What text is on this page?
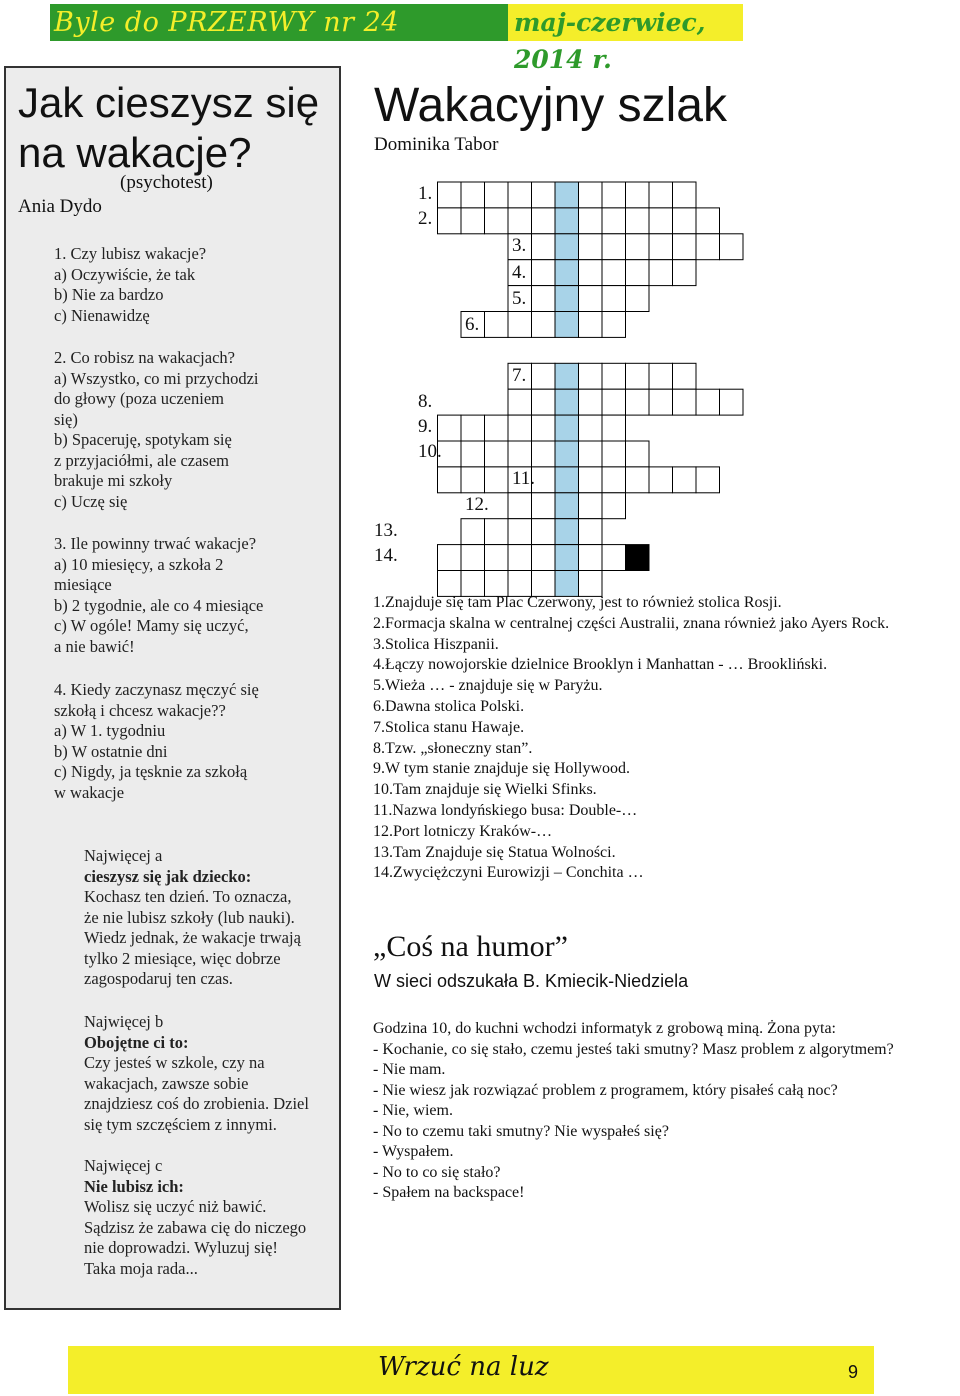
Byle do PRZERWY nr 24	maj-czerwiec, 2014 r.
Jak cieszysz się
na wakacje?
(psychotest)
Ania Dydo
1. Czy lubisz wakacje?
a) Oczywiście, że tak
b) Nie za bardzo
c) Nienawidzę
2. Co robisz na wakacjach?
a) Wszystko, co mi przychodzi
do głowy (poza uczeniem
się)
b) Spaceruję, spotykam się
z przyjaciółmi, ale czasem
brakuje mi szkoły
c) Uczę się
3. Ile powinny trwać wakacje?
a) 10 miesięcy, a szkoła 2
miesiące
b) 2 tygodnie, ale co 4 miesiące
c) W ogóle! Mamy się uczyć,
a nie bawić!
4. Kiedy zaczynasz męczyć się
szkołą i chcesz wakacje??
a) W 1. tygodniu
b) W ostatnie dni
c) Nigdy, ja tęsknie za szkołą
w wakacje
Najwięcej a
cieszysz się jak dziecko:
Kochasz ten dzień. To oznacza,
że nie lubisz szkoły (lub nauki).
Wiedz jednak, że wakacje trwają
tylko 2 miesiące, więc dobrze
zagospodaruj ten czas.
Najwięcej b
Obojętne ci to:
Czy jesteś w szkole, czy na
wakacjach, zawsze sobie
znajdziesz coś do zrobienia. Dziel
się tym szczęściem z innymi.
Najwięcej c
Nie lubisz ich:
Wolisz się uczyć niż bawić.
Sądzisz że zabawa cię do niczego
nie doprowadzi. Wyluzuj się!
Taka moja rada...
Wakacyjny szlak
Dominika Tabor
1.
2.
3.
4.
5.
6.
7.
8.
9.
10.
11.
12.
13.
14.
1.Znajduje się tam Plac Czerwony, jest to również stolica Rosji.
2.Formacja skalna w centralnej części Australii, znana również jako Ayers Rock.
3.Stolica Hiszpanii.
4.Łączy nowojorskie dzielnice Brooklyn i Manhattan - … Brookliński.
5.Wieża … - znajduje się w Paryżu.
6.Dawna stolica Polski.
7.Stolica stanu Hawaje.
8.Tzw. „słoneczny stan”.
9.W tym stanie znajduje się Hollywood.
10.Tam znajduje się Wielki Sfinks.
11.Nazwa londyńskiego busa: Double-…
12.Port lotniczy Kraków-…
13.Tam Znajduje się Statua Wolności.
14.Zwyciężczyni Eurowizji – Conchita …
„Coś na humor”
W sieci odszukała B. Kmiecik-Niedziela
Godzina 10, do kuchni wchodzi informatyk z grobową miną. Żona pyta:
- Kochanie, co się stało, czemu jesteś taki smutny? Masz problem z algorytmem?
- Nie mam.
- Nie wiesz jak rozwiązać problem z programem, który pisałeś całą noc?
- Nie, wiem.
- No to czemu taki smutny? Nie wyspałeś się?
- Wyspałem.
- No to co się stało?
- Spałem na backspace!
Wrzuć na luz	9
